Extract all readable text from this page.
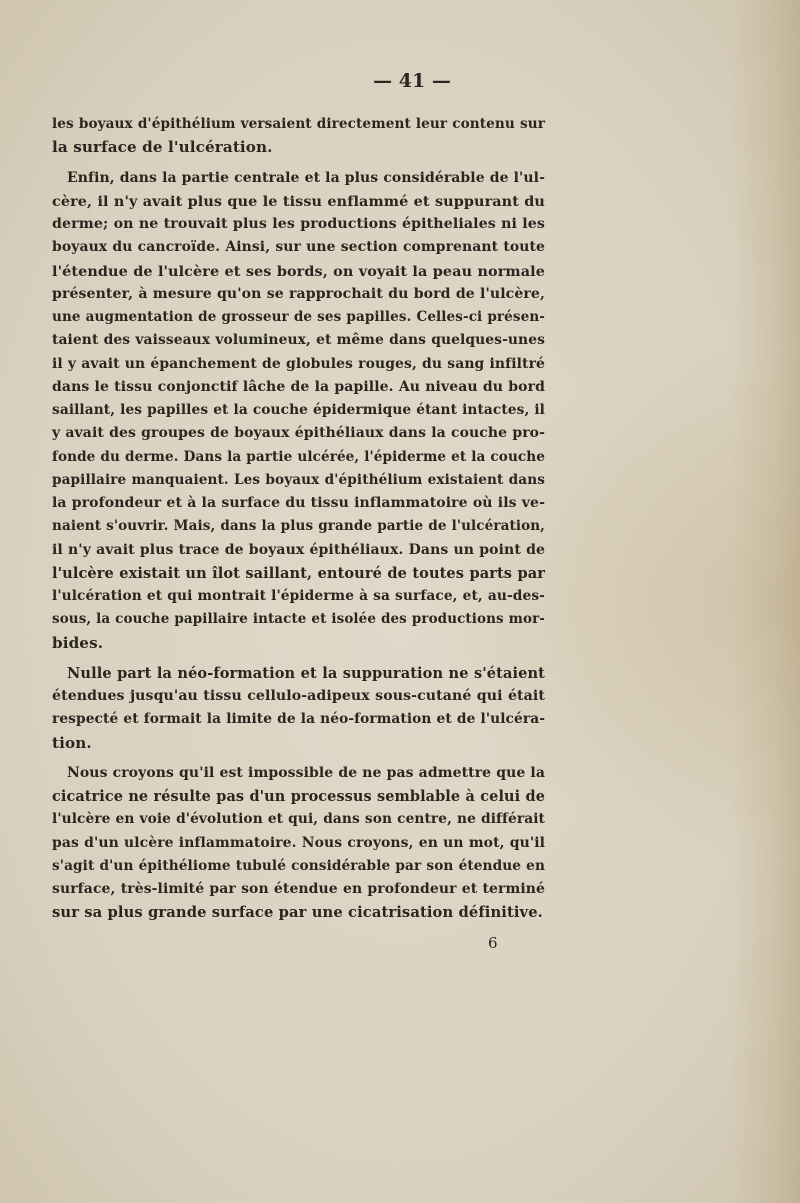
— 41 —
les boyaux d'épithélium versaient directement leur contenu sur
la surface de l'ulcération.
Enfin, dans la partie centrale et la plus considérable de l'ul-
cère, il n'y avait plus que le tissu enflammé et suppurant du
derme; on ne trouvait plus les productions épitheliales ni les
boyaux du cancroïde. Ainsi, sur une section comprenant toute
l'étendue de l'ulcère et ses bords, on voyait la peau normale
présenter, à mesure qu'on se rapprochait du bord de l'ulcère,
une augmentation de grosseur de ses papilles. Celles-ci présen-
taient des vaisseaux volumineux, et même dans quelques-unes
il y avait un épanchement de globules rouges, du sang infiltré
dans le tissu conjonctif lâche de la papille. Au niveau du bord
saillant, les papilles et la couche épidermique étant intactes, il
y avait des groupes de boyaux épithéliaux dans la couche pro-
fonde du derme. Dans la partie ulcérée, l'épiderme et la couche
papillaire manquaient. Les boyaux d'épithélium existaient dans
la profondeur et à la surface du tissu inflammatoire où ils ve-
naient s'ouvrir. Mais, dans la plus grande partie de l'ulcération,
il n'y avait plus trace de boyaux épithéliaux. Dans un point de
l'ulcère existait un îlot saillant, entouré de toutes parts par
l'ulcération et qui montrait l'épiderme à sa surface, et, au-des-
sous, la couche papillaire intacte et isolée des productions mor-
bides.
Nulle part la néo-formation et la suppuration ne s'étaient
étendues jusqu'au tissu cellulo-adipeux sous-cutané qui était
respecté et formait la limite de la néo-formation et de l'ulcéra-
tion.
Nous croyons qu'il est impossible de ne pas admettre que la
cicatrice ne résulte pas d'un processus semblable à celui de
l'ulcère en voie d'évolution et qui, dans son centre, ne différait
pas d'un ulcère inflammatoire. Nous croyons, en un mot, qu'il
s'agit d'un épithéliome tubulé considérable par son étendue en
surface, très-limité par son étendue en profondeur et terminé
sur sa plus grande surface par une cicatrisation définitive.
6
